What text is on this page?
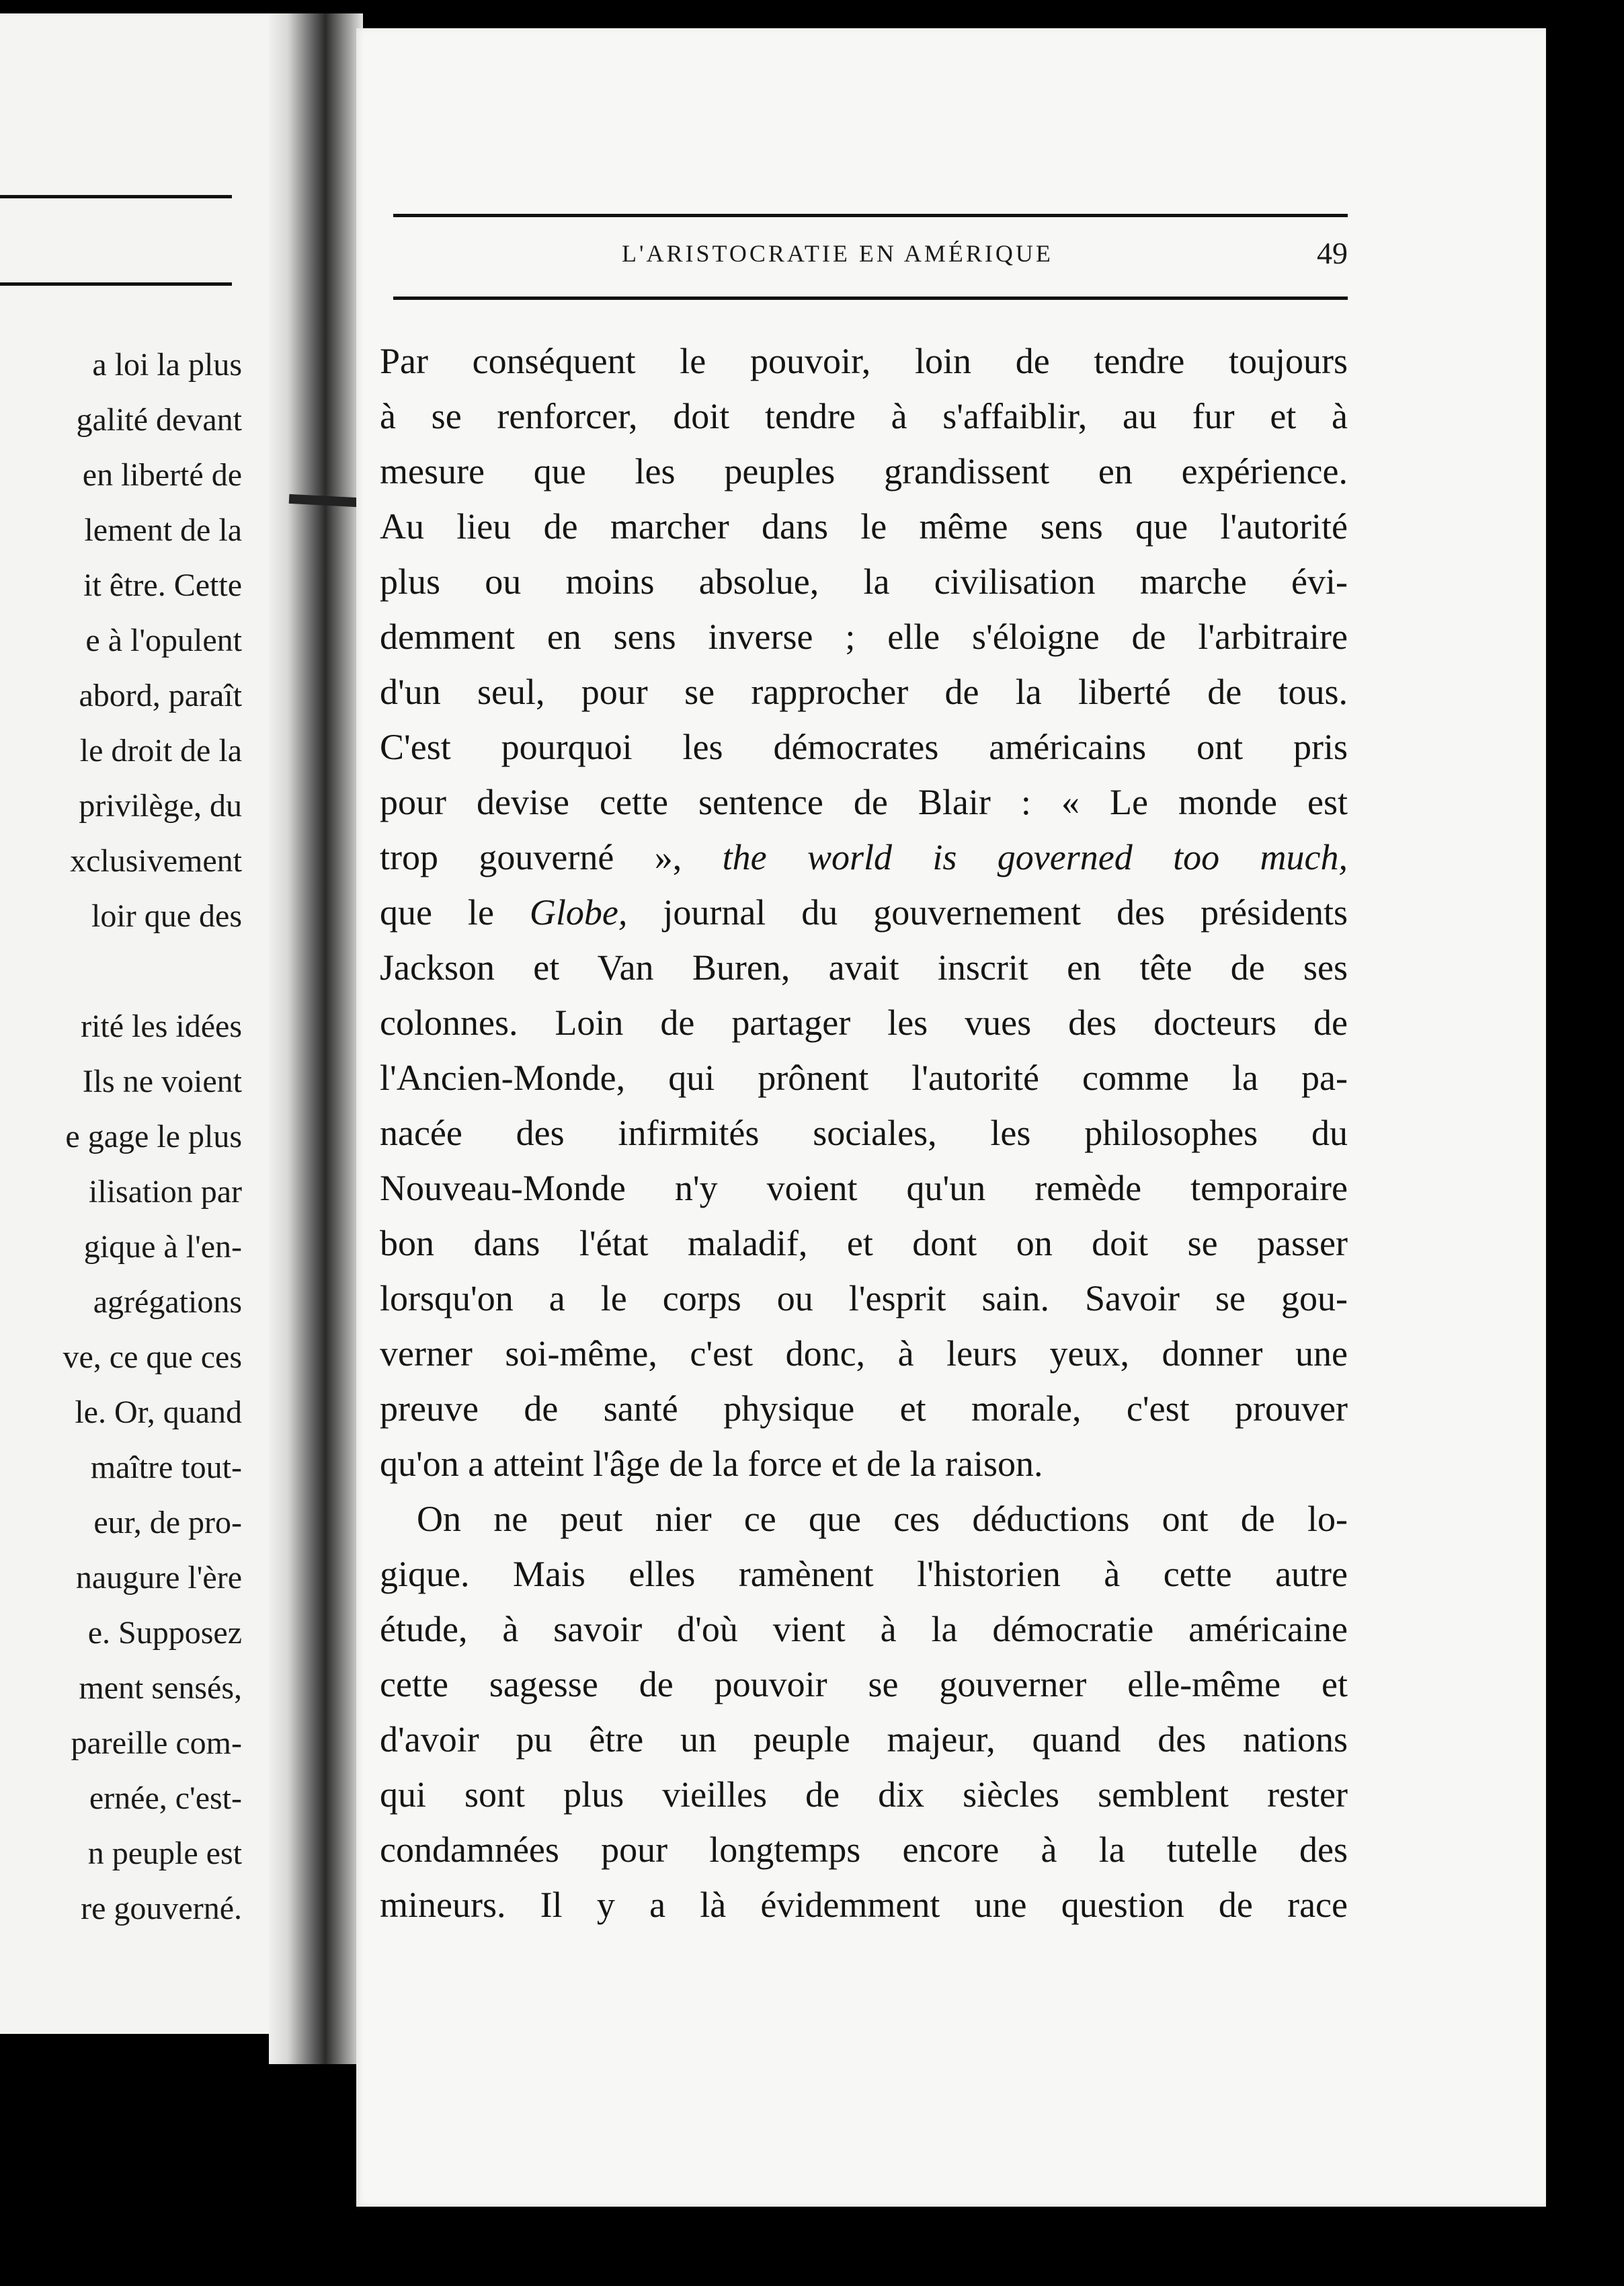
a loi la plus
galité devant
en liberté de
lement de la
it être. Cette
e à l'opulent
abord, paraît
le droit de la
privilège, du
xclusivement
loir que des
rité les idées
Ils ne voient
e gage le plus
ilisation par
gique à l'en-
agrégations
ve, ce que ces
le. Or, quand
maître tout-
eur, de pro-
naugure l'ère
e. Supposez
ment sensés,
pareille com-
ernée, c'est-
n peuple est
re gouverné.
L'ARISTOCRATIE EN AMÉRIQUE	49
Par conséquent le pouvoir, loin de tendre toujours
à se renforcer, doit tendre à s'affaiblir, au fur et à
mesure que les peuples grandissent en expérience.
Au lieu de marcher dans le même sens que l'autorité
plus ou moins absolue, la civilisation marche évi-
demment en sens inverse ; elle s'éloigne de l'arbitraire
d'un seul, pour se rapprocher de la liberté de tous.
C'est pourquoi les démocrates américains ont pris
pour devise cette sentence de Blair : « Le monde est
trop gouverné », the world is governed too much,
que le Globe, journal du gouvernement des présidents
Jackson et Van Buren, avait inscrit en tête de ses
colonnes. Loin de partager les vues des docteurs de
l'Ancien-Monde, qui prônent l'autorité comme la pa-
nacée des infirmités sociales, les philosophes du
Nouveau-Monde n'y voient qu'un remède temporaire
bon dans l'état maladif, et dont on doit se passer
lorsqu'on a le corps ou l'esprit sain. Savoir se gou-
verner soi-même, c'est donc, à leurs yeux, donner une
preuve de santé physique et morale, c'est prouver
qu'on a atteint l'âge de la force et de la raison.
On ne peut nier ce que ces déductions ont de lo-
gique. Mais elles ramènent l'historien à cette autre
étude, à savoir d'où vient à la démocratie américaine
cette sagesse de pouvoir se gouverner elle-même et
d'avoir pu être un peuple majeur, quand des nations
qui sont plus vieilles de dix siècles semblent rester
condamnées pour longtemps encore à la tutelle des
mineurs. Il y a là évidemment une question de race
